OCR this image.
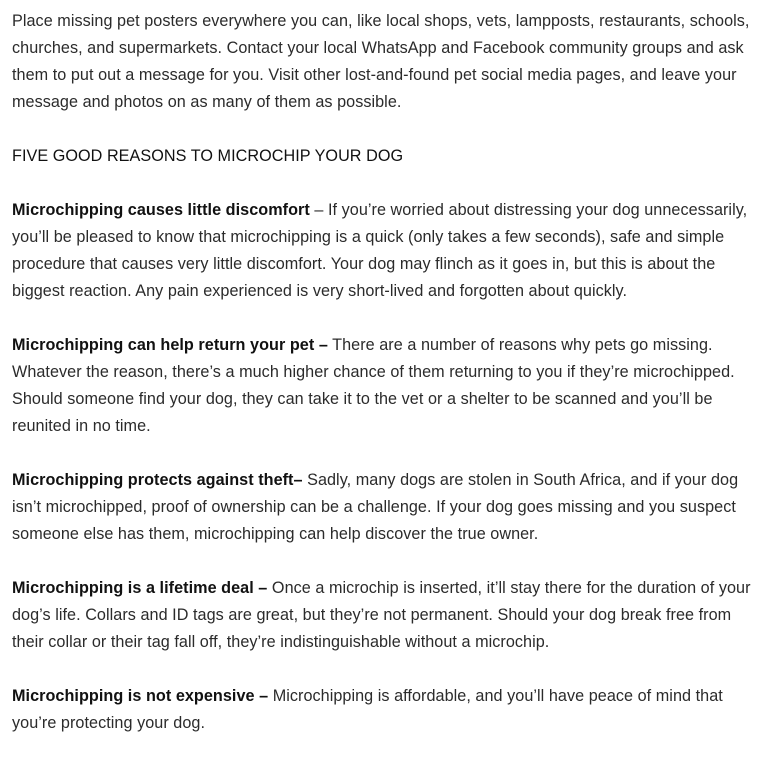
Place missing pet posters everywhere you can, like local shops, vets, lampposts, restaurants, schools, churches, and supermarkets. Contact your local WhatsApp and Facebook community groups and ask them to put out a message for you. Visit other lost-and-found pet social media pages, and leave your message and photos on as many of them as possible.

FIVE GOOD REASONS TO MICROCHIP YOUR DOG

Microchipping causes little discomfort – If you’re worried about distressing your dog unnecessarily, you’ll be pleased to know that microchipping is a quick (only takes a few seconds), safe and simple procedure that causes very little discomfort. Your dog may flinch as it goes in, but this is about the biggest reaction. Any pain experienced is very short-lived and forgotten about quickly.

Microchipping can help return your pet – There are a number of reasons why pets go missing. Whatever the reason, there’s a much higher chance of them returning to you if they’re microchipped. Should someone find your dog, they can take it to the vet or a shelter to be scanned and you’ll be reunited in no time.

Microchipping protects against theft– Sadly, many dogs are stolen in South Africa, and if your dog isn’t microchipped, proof of ownership can be a challenge. If your dog goes missing and you suspect someone else has them, microchipping can help discover the true owner.

Microchipping is a lifetime deal – Once a microchip is inserted, it’ll stay there for the duration of your dog’s life. Collars and ID tags are great, but they’re not permanent. Should your dog break free from their collar or their tag fall off, they’re indistinguishable without a microchip.

Microchipping is not expensive – Microchipping is affordable, and you’ll have peace of mind that you’re protecting your dog.
